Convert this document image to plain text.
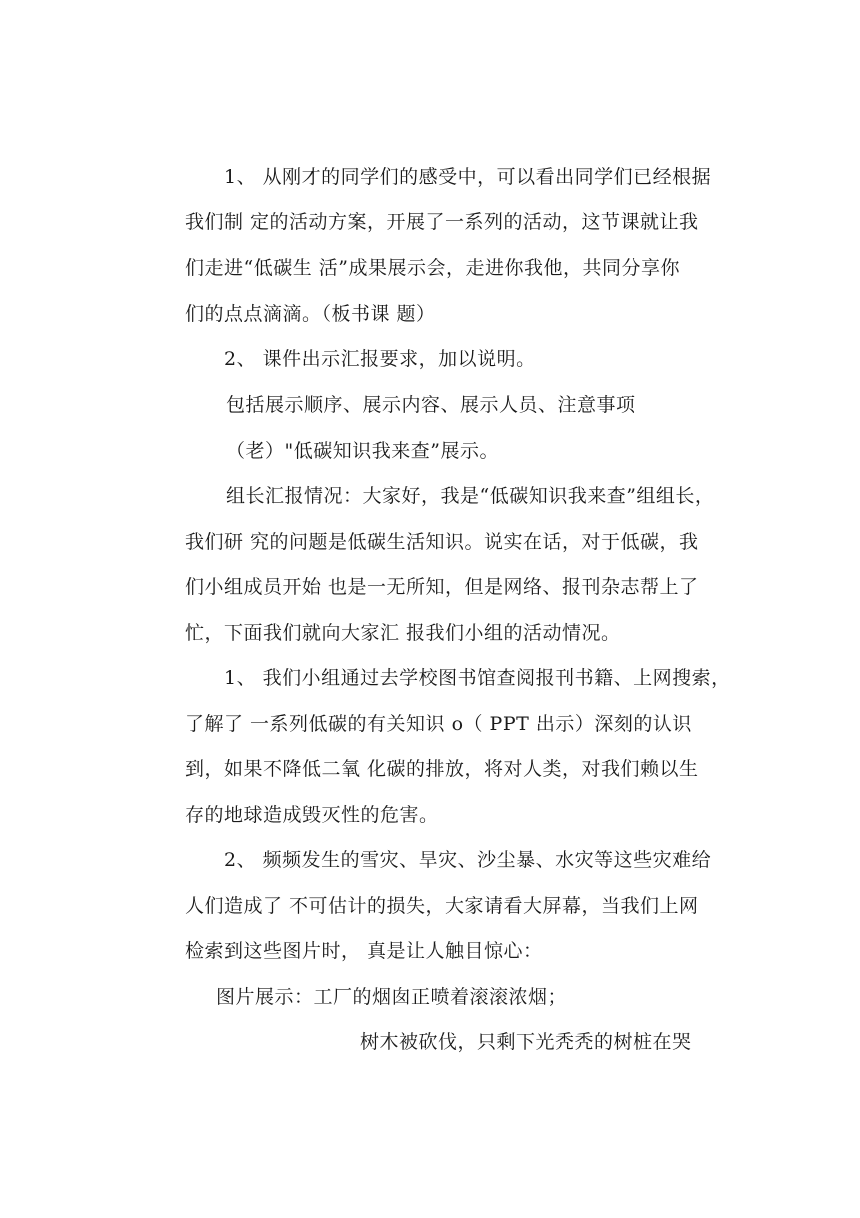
1、 从刚才的同学们的感受中，可以看出同学们已经根据
我们制 定的活动方案，开展了一系列的活动，这节课就让我
们走进“低碳生 活”成果展示会，走进你我他，共同分享你
们的点点滴滴。（板书课 题）
2、 课件出示汇报要求，加以说明。
包括展示顺序、展示内容、展示人员、注意事项
（老）"低碳知识我来查”展示。
组长汇报情况：大家好，我是“低碳知识我来查”组组长，
我们研 究的问题是低碳生活知识。说实在话，对于低碳，我
们小组成员开始 也是一无所知，但是网络、报刊杂志帮上了
忙，下面我们就向大家汇 报我们小组的活动情况。
1、 我们小组通过去学校图书馆查阅报刊书籍、上网搜索，
了解了 一系列低碳的有关知识 o（ PPT 出示）深刻的认识
到，如果不降低二氧 化碳的排放，将对人类，对我们赖以生
存的地球造成毁灭性的危害。
2、 频频发生的雪灾、旱灾、沙尘暴、水灾等这些灾难给
人们造成了 不可估计的损失，大家请看大屏幕，当我们上网
检索到这些图片时， 真是让人触目惊心：
图片展示：工厂的烟囱正喷着滚滚浓烟；
树木被砍伐，只剩下光秃秃的树桩在哭
